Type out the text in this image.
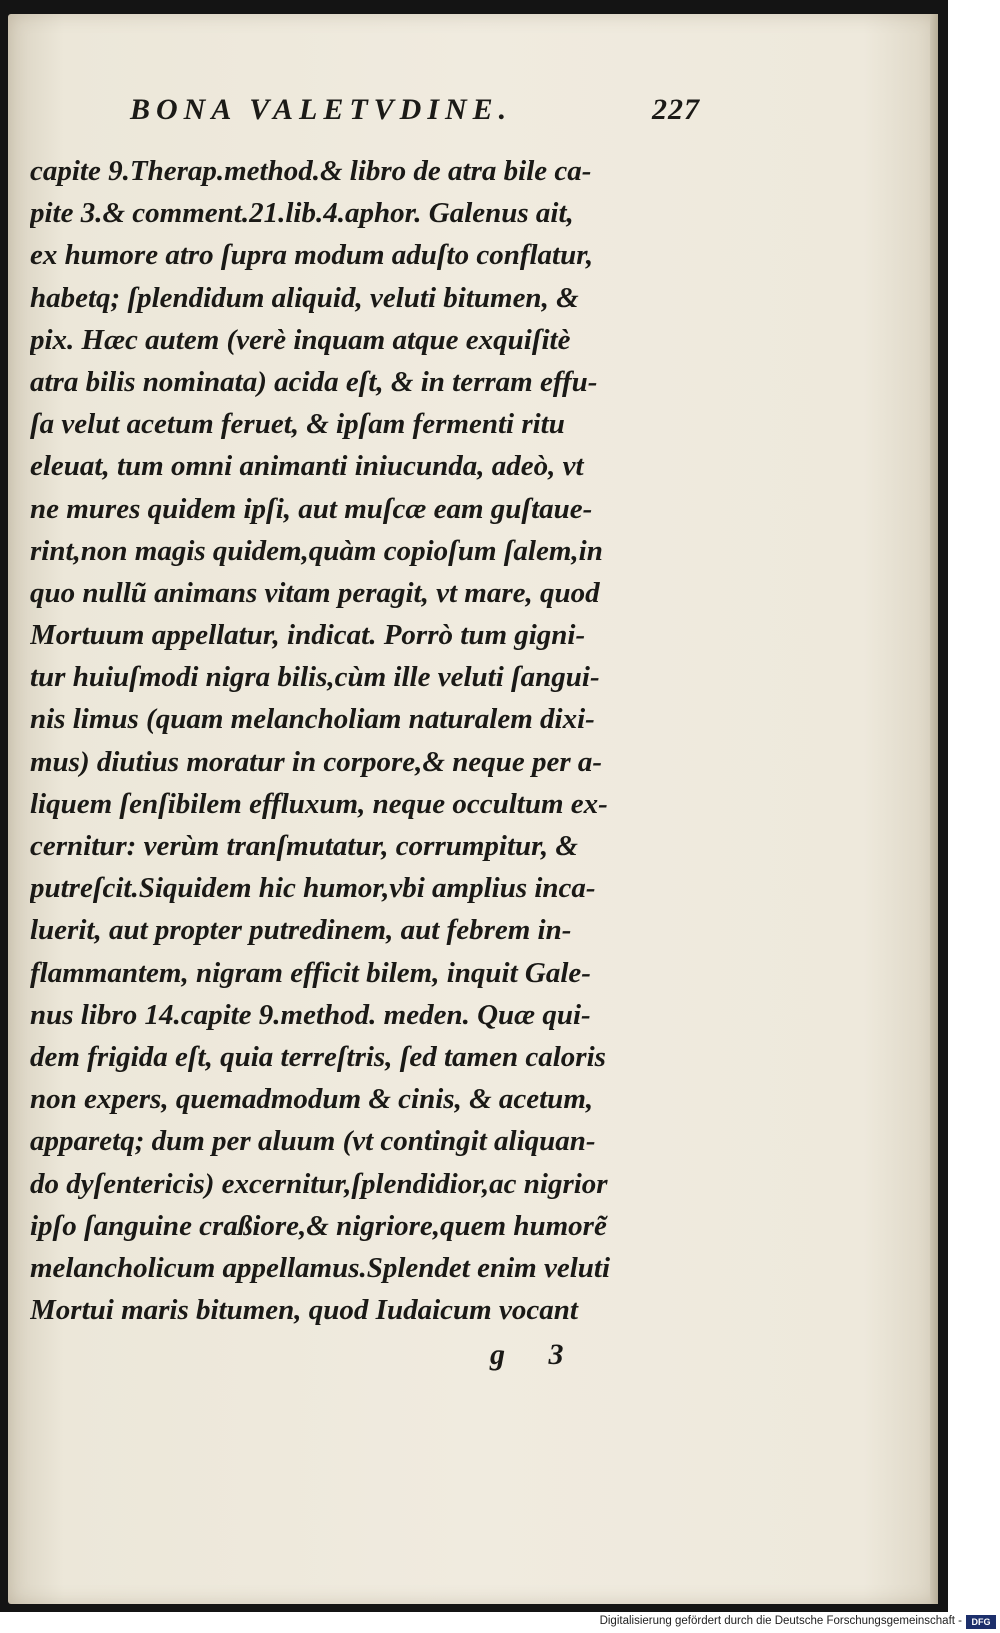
BONA VALETVDINE.	227
capite 9.Therap.method.& libro de atra bile ca-
pite 3.& comment.21.lib.4.aphor. Galenus ait,
ex humore atro ſupra modum aduſto conflatur,
habetq; ſplendidum aliquid, veluti bitumen, &
pix. Hæc autem (verè inquam atque exquiſitè
atra bilis nominata) acida eſt, & in terram effu-
ſa velut acetum feruet, & ipſam fermenti ritu
eleuat, tum omni animanti iniucunda, adeò, vt
ne mures quidem ipſi, aut muſcæ eam guſtaue-
rint,non magis quidem,quàm copioſum ſalem,in
quo nullũ animans vitam peragit, vt mare, quod
Mortuum appellatur, indicat. Porrò tum gigni-
tur huiuſmodi nigra bilis,cùm ille veluti ſangui-
nis limus (quam melancholiam naturalem dixi-
mus) diutius moratur in corpore,& neque per a-
liquem ſenſibilem effluxum, neque occultum ex-
cernitur: verùm tranſmutatur, corrumpitur, &
putreſcit.Siquidem hic humor,vbi amplius inca-
luerit, aut propter putredinem, aut febrem in-
flammantem, nigram efficit bilem, inquit Gale-
nus libro 14.capite 9.method. meden. Quæ qui-
dem frigida eſt, quia terreſtris, ſed tamen caloris
non expers, quemadmodum & cinis, & acetum,
apparetq; dum per aluum (vt contingit aliquan-
do dyſentericis) excernitur,ſplendidior,ac nigrior
ipſo ſanguine craßiore,& nigriore,quem humorẽ
melancholicum appellamus.Splendet enim veluti
Mortui maris bitumen, quod Iudaicum vocant
g 3
Digitalisierung gefördert durch die Deutsche Forschungsgemeinschaft -	DFG
